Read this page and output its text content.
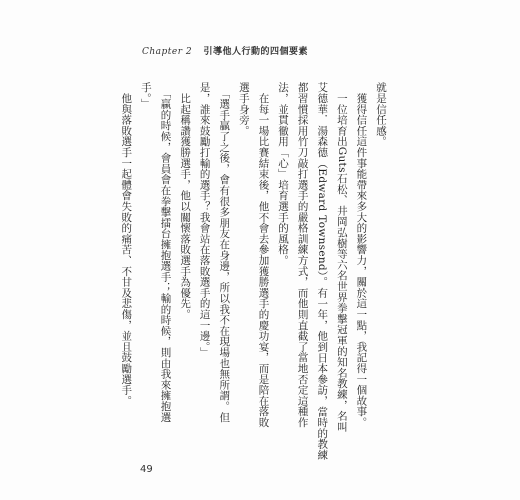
Chapter 2 引導他人行動的四個要素

就是信任感。

　獲得信任這件事能帶來多大的影響力，關於這一點，我記得一個故事。

　一位培育出Guts石松、井岡弘樹等六名世界拳擊冠軍的知名教練，名叫

艾德華．湯森德（Edward Townsend）。有一年，他到日本參訪，當時的教練

都習慣採用竹刀敲打選手的嚴格訓練方式，而他則直截了當地否定這種作

法，並貫徹用「心」培育選手的風格。

　在每一場比賽結束後，他不會去參加獲勝選手的慶功宴，而是陪在落敗

選手身旁。

　「選手贏了之後，會有很多朋友在身邊，所以我不在現場也無所謂。但

是，誰來鼓勵打輸的選手？我會站在落敗選手的這一邊。」

　比起稱讚獲勝選手，他以關懷落敗選手為優先。

　「贏的時候，會員會在拳擊擂台擁抱選手；輸的時候，則由我來擁抱選

手。」

　他與落敗選手一起體會失敗的痛苦、不甘及悲傷，並且鼓勵選手。

49
